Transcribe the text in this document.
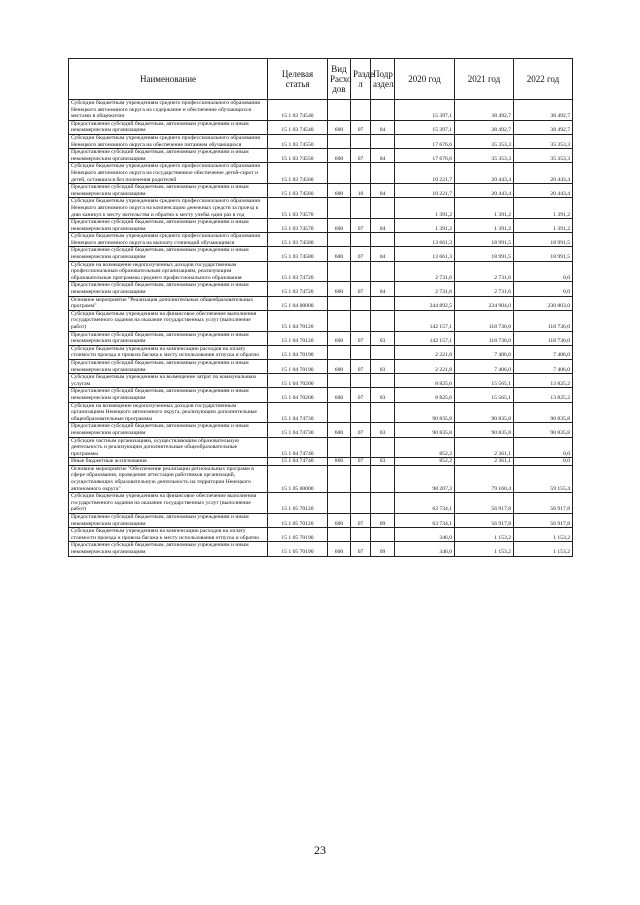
Наименование	Целевая статья	Вид Расхо дов	Разде л	Подр аздел	2020 год	2021 год	2022 год
Субсидии бюджетным учреждениям среднего профессионального образования Ненецкого автономного округа на содержание и обеспечение обучающихся местами в общежитии	15 1 03 74540				15 397,1	38 492,7	38 492,7
Предоставление субсидий бюджетным, автономным учреждениям и иным некоммерческим организациям	15 1 03 74540	600	07	04	15 397,1	38 492,7	38 492,7
Субсидии бюджетным учреждениям среднего профессионального образования Ненецкого автономного округа на обеспечение питанием обучающихся	15 1 03 74550				17 676,6	35 353,3	35 353,3
Предоставление субсидий бюджетным, автономным учреждениям и иным некоммерческим организациям	15 1 03 74550	600	07	04	17 676,6	35 353,3	35 353,3
Субсидии бюджетным учреждениям среднего профессионального образования Ненецкого автономного округа на государственное обеспечение детей-сирот и детей, оставшихся без попечения родителей	15 1 03 74560				10 221,7	20 443,4	20 443,4
Предоставление субсидий бюджетным, автономным учреждениям и иным некоммерческим организациям	15 1 03 74560	600	10	04	10 221,7	20 443,4	20 443,4
Субсидии бюджетным учреждениям среднего профессионального образования Ненецкого автономного округа на компенсацию денежных средств за проезд к дню каникул к месту жительства и обратно к месту учебы один раз в год	15 1 03 74570				1 391,2	1 391,2	1 391,2
Предоставление субсидий бюджетным, автономным учреждениям и иным некоммерческим организациям	15 1 03 74570	600	07	04	1 391,2	1 391,2	1 391,2
Субсидии бюджетным учреждениям среднего профессионального образования Ненецкого автономного округа на выплату стипендий обучающимся	15 1 03 74580				13 661,3	18 991,5	18 991,5
Предоставление субсидий бюджетным, автономным учреждениям и иным некоммерческим организациям	15 1 03 74580	600	07	04	13 661,3	18 991,5	18 991,5
Субсидии на возмещение недополученных доходов государственным профессиональным образовательным организациям, реализующим образовательные программы среднего профессионального образования	15 1 03 74720				2 731,6	2 731,6	0,0
Предоставление субсидий бюджетным, автономным учреждениям и иным некоммерческим организациям	15 1 03 74720	600	07	04	2 731,6	2 731,6	0,0
Основное мероприятие "Реализация дополнительных общеобразовательных программ"	15 1 04 00000				244 892,5	234 904,0	230 803,0
Субсидии бюджетным учреждениям на финансовое обеспечение выполнения государственного задания на оказание государственных услуг (выполнение работ)	15 1 04 70120				142 157,1	118 736,0	118 736,0
Предоставление субсидий бюджетным, автономным учреждениям и иным некоммерческим организациям	15 1 04 70120	600	07	03	142 157,1	118 736,0	118 736,0
Субсидии бюджетным учреждениям на компенсацию расходов на оплату стоимости проезда и провоза багажа к месту использования отпуска и обратно	15 1 04 70190				2 221,8	7 406,0	7 406,0
Предоставление субсидий бюджетным, автономным учреждениям и иным некоммерческим организациям	15 1 04 70190	600	07	03	2 221,8	7 406,0	7 406,0
Субсидии бюджетным учреждениям на возмещение затрат по коммунальным услугам	15 1 04 70200				8 825,6	15 565,1	13 825,2
Предоставление субсидий бюджетным, автономным учреждениям и иным некоммерческим организациям	15 1 04 70200	600	07	03	8 825,6	15 565,1	13 825,2
Субсидии на возмещение недополученных доходов государственным организациям Ненецкого автономного округа, реализующим дополнительные общеобразовательные программы	15 1 04 74730				90 835,8	90 835,8	90 835,8
Предоставление субсидий бюджетным, автономным учреждениям и иным некоммерческим организациям	15 1 04 74730	600	07	03	90 835,8	90 835,8	90 835,8
Субсидии частным организациям, осуществляющим образовательную деятельность и реализующим дополнительные общеобразовательные программы	15 1 04 74740				852,2	2 361,1	0,0
Иные бюджетные ассигнования	15 1 04 74740	800	07	03	852,2	2 361,1	0,0
Основное мероприятие "Обеспечение реализации региональных программ в сфере образования, проведение аттестации работников организаций, осуществляющих образовательную деятельность на территории Ненецкого автономного округа"	15 1 05 00000				98 207,3	79 160,4	59 155,4
Субсидии бюджетным учреждениям на финансовое обеспечение выполнения государственного задания на оказание государственных услуг (выполнение работ)	15 1 05 70120				63 734,1	56 917,8	56 917,8
Предоставление субсидий бюджетным, автономным учреждениям и иным некоммерческим организациям	15 1 05 70120	600	07	09	63 734,1	56 917,8	56 917,8
Субсидии бюджетным учреждениям на компенсацию расходов на оплату стоимости проезда и провоза багажа к месту использования отпуска и обратно	15 1 05 70190				346,0	1 153,2	1 153,2
Предоставление субсидий бюджетным, автономным учреждениям и иным некоммерческим организациям	15 1 05 70190	600	07	09	346,0	1 153,2	1 153,2
23
